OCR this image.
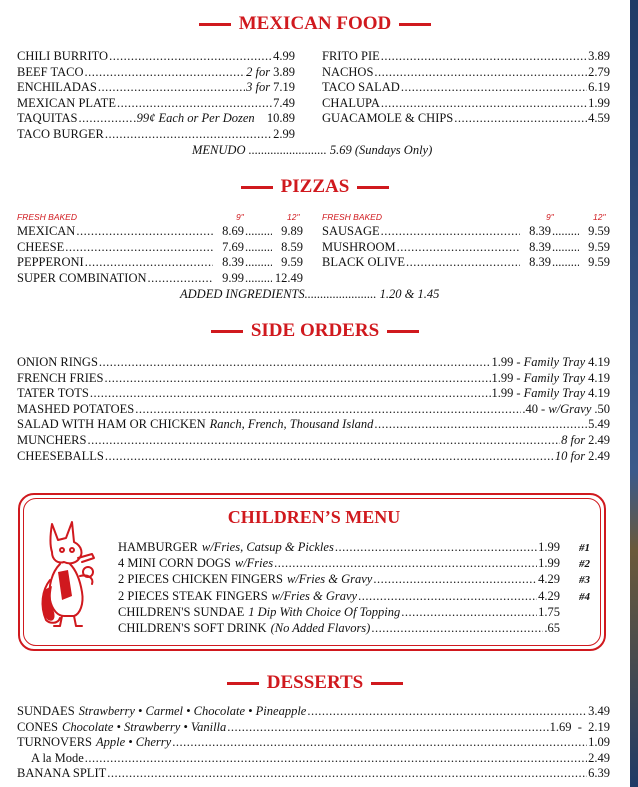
MEXICAN FOOD
CHILI BURRITO .....	4.99
BEEF TACO .....	2 for 3.89
ENCHILADAS .....	3 for 7.19
MEXICAN PLATE .....	7.49
TAQUITAS .....	.99¢ Each or Per Dozen 10.89
TACO BURGER .....	2.99
FRITO PIE .....	3.89
NACHOS .....	2.79
TACO SALAD .....	6.19
CHALUPA .....	1.99
GUACAMOLE & CHIPS .....	4.59
MENUDO ......................... 5.69 (Sundays Only)
PIZZAS
FRESH BAKED	9"	12"	FRESH BAKED	9"	12"
MEXICAN .....	8.69 .....	9.89
CHEESE .....	7.69 .....	8.59
PEPPERONI .....	8.39 .....	9.59
SUPER COMBINATION .....	9.99 ..... 12.49
SAUSAGE .....	8.39 .....	9.59
MUSHROOM .....	8.39 .....	9.59
BLACK OLIVE .....	8.39 .....	9.59
ADDED INGREDIENTS....................... 1.20 & 1.45
SIDE ORDERS
ONION RINGS .....	1.99 - Family Tray 4.19
FRENCH FRIES .....	1.99 - Family Tray 4.19
TATER TOTS .....	1.99 - Family Tray 4.19
MASHED POTATOES .....	.40 - w/Gravy .50
SALAD WITH HAM OR CHICKEN Ranch, French, Thousand Island .....	5.49
MUNCHERS .....	8 for 2.49
CHEESEBALLS .....	10 for 2.49
CHILDREN’S MENU
HAMBURGER w/Fries, Catsup & Pickles .....	1.99	#1
4 MINI CORN DOGS w/Fries .....	1.99	#2
2 PIECES CHICKEN FINGERS w/Fries & Gravy .....	4.29	#3
2 PIECES STEAK FINGERS w/Fries & Gravy .....	4.29	#4
CHILDREN'S SUNDAE 1 Dip With Choice Of Topping .....	1.75
CHILDREN'S SOFT DRINK (No Added Flavors) .....	.65
DESSERTS
SUNDAES Strawberry • Carmel • Chocolate • Pineapple .....	3.49
CONES Chocolate • Strawberry • Vanilla .....	1.69  -  2.19
TURNOVERS Apple • Cherry .....	1.09
A la Mode .....	2.49
BANANA SPLIT .....	6.39
